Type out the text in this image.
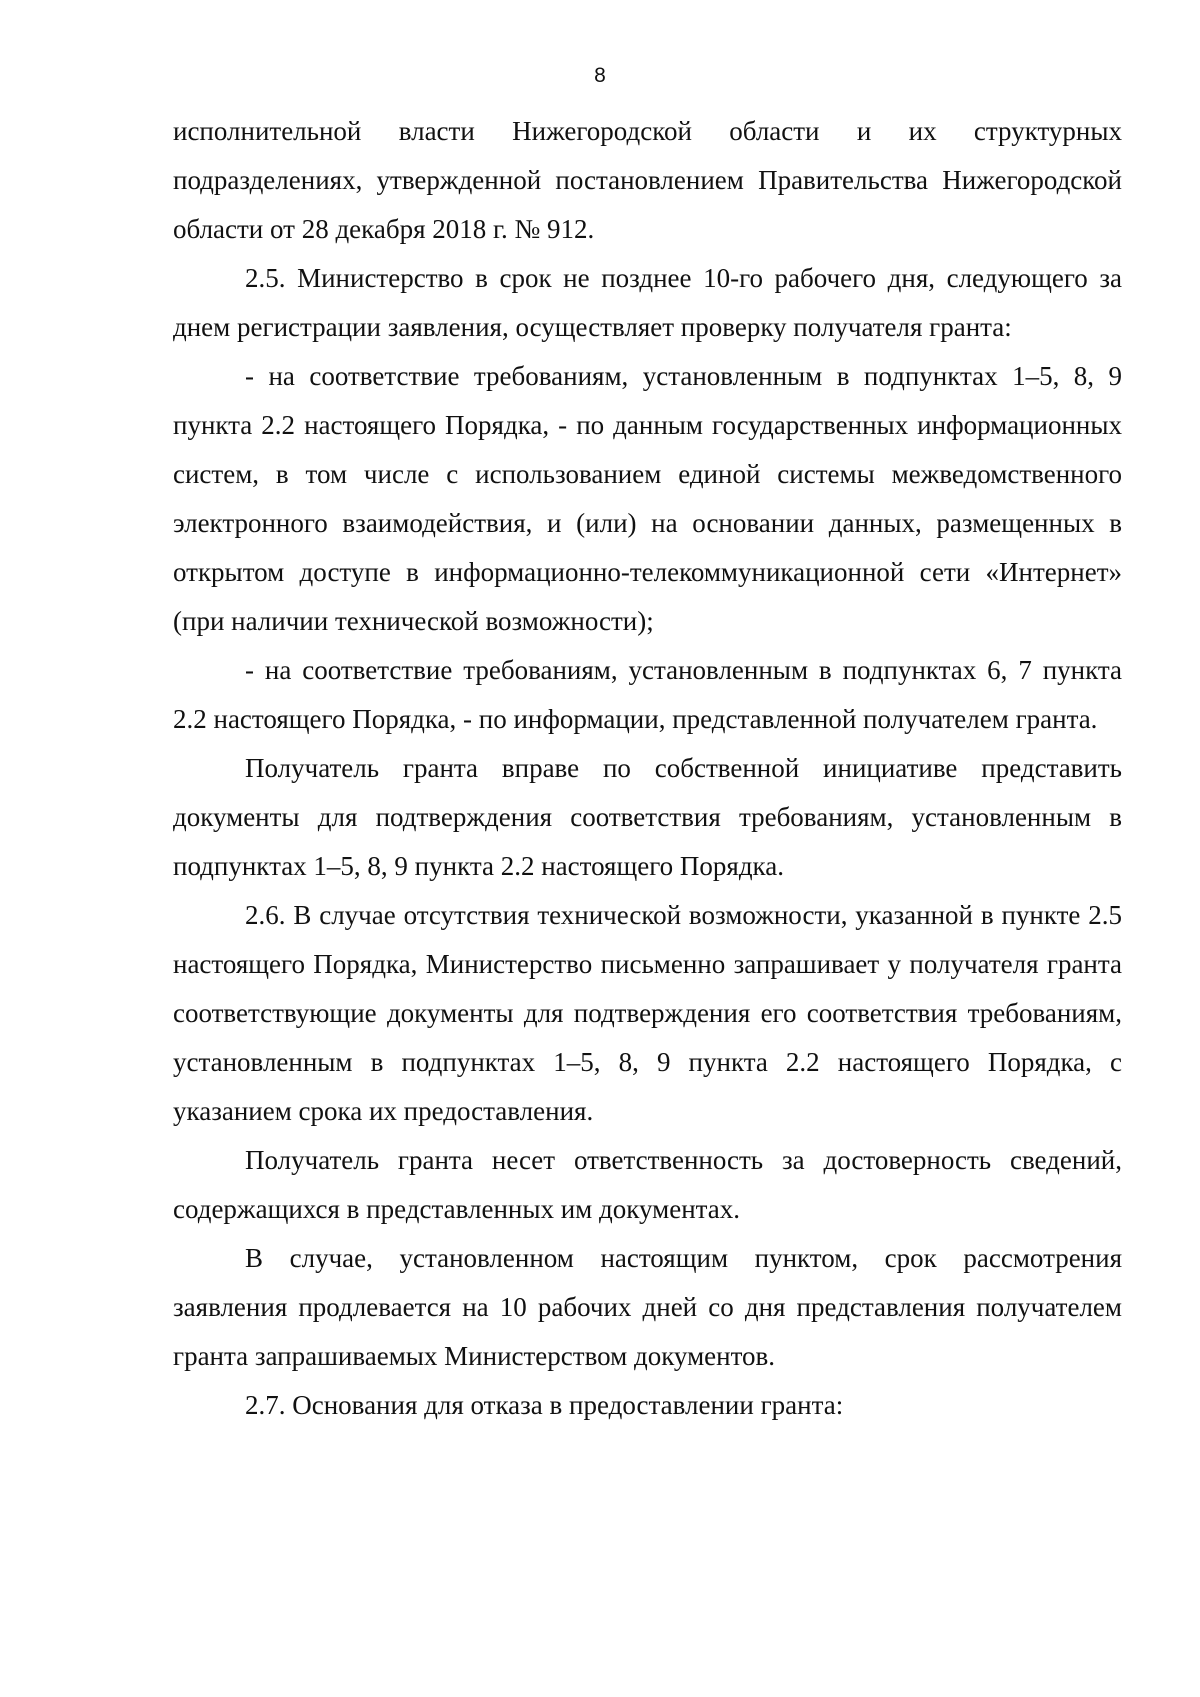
8

исполнительной власти Нижегородской области и их структурных подразделениях, утвержденной постановлением Правительства Нижегородской области от 28 декабря 2018 г. № 912.

2.5. Министерство в срок не позднее 10-го рабочего дня, следующего за днем регистрации заявления, осуществляет проверку получателя гранта:

- на соответствие требованиям, установленным в подпунктах 1–5, 8, 9 пункта 2.2 настоящего Порядка, - по данным государственных информационных систем, в том числе с использованием единой системы межведомственного электронного взаимодействия, и (или) на основании данных, размещенных в открытом доступе в информационно-телекоммуникационной сети «Интернет» (при наличии технической возможности);

- на соответствие требованиям, установленным в подпунктах 6, 7 пункта 2.2 настоящего Порядка, - по информации, представленной получателем гранта.

Получатель гранта вправе по собственной инициативе представить документы для подтверждения соответствия требованиям, установленным в подпунктах 1–5, 8, 9 пункта 2.2 настоящего Порядка.

2.6. В случае отсутствия технической возможности, указанной в пункте 2.5 настоящего Порядка, Министерство письменно запрашивает у получателя гранта соответствующие документы для подтверждения его соответствия требованиям, установленным в подпунктах 1–5, 8, 9 пункта 2.2 настоящего Порядка, с указанием срока их предоставления.

Получатель гранта несет ответственность за достоверность сведений, содержащихся в представленных им документах.

В случае, установленном настоящим пунктом, срок рассмотрения заявления продлевается на 10 рабочих дней со дня представления получателем гранта запрашиваемых Министерством документов.

2.7. Основания для отказа в предоставлении гранта:
